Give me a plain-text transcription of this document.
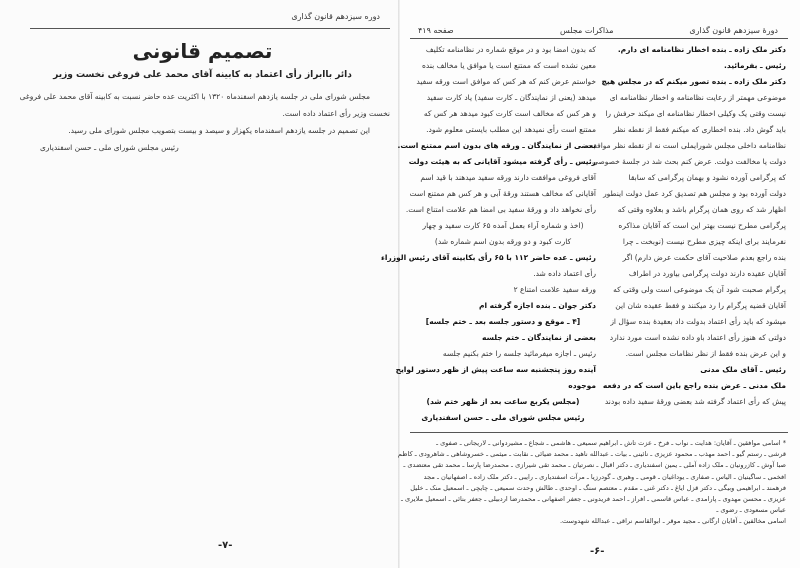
دوره سیزدهم قانون گذاری
تصمیم قانونی
دائر باابراز رأی اعتماد به کابینه آقای محمد علی فروغی نخست وزیر

مجلس شورای ملی در جلسه یازدهم اسفندماه ۱۳۲۰ با اکثریت عده حاضر نسبت به کابینه آقای محمد علی فروغی نخست وزیر رأی اعتماد داده است.

این تصمیم در جلسه یازدهم اسفندماه یکهزار و سیصد و بیست بتصویب مجلس شورای ملی رسید.

رئیس مجلس شورای ملی ـ حسن اسفندیاری

-۷-
صفحه ۴۱۹	مذاکرات مجلس	دورهٔ سیزدهم قانون گذاری
دکتر ملک زاده ـ بنده اخطار نظامنامه ای دارم.
رئیس ـ بفرمائید.
دکتر ملک زاده ـ بنده تصور میکنم که در مجلس هیچ
موضوعی مهمتر از رعایت نظامنامه و اخطار نظامنامه ای
نیست وقتی یک وکیلی اخطار نظامنامه ای میکند حرفش را
باید گوش داد. بنده اخطاری که میکنم فقط از نقطه نظر
نظامنامه داخلی مجلس شورایملی است نه از نقطه نظر موافقت
دولت یا مخالفت دولت. عرض کنم بحث شد در جلسهٔ خصوصی
که پرگرامی آورده نشود و بهمان پرگرامی که سابقا
دولت آورده بود و مجلس هم تصدیق کرد عمل دولت اینطور
اظهار شد که روی همان پرگرام باشد و بعلاوه وقتی که
پرگرامی مطرح نیست بهتر این است که آقایان مذاکره
نفرمایند برای اینکه چیزی مطرح نیست (نوبخت ـ چرا
بنده راجع بعدم صلاحیت آقای حکمت عرض دارم) اگر
آقایان عقیده دارند دولت پرگرامی بیاورد در اطراف
پرگرام صحبت شود آن یک موضوعی است ولی وقتی که
آقایان قضیه پرگرام را رد میکنند و فقط عقیده شان این
میشود که باید رأی اعتماد بدولت داد بعقیدهٔ بنده سؤال از
دولتی که هنوز رأی اعتماد باو داده نشده است مورد ندارد
و این عرض بنده فقط از نظر نظامات مجلس است.
رئیس ـ آقای ملک مدنی
ملک مدنی ـ عرض بنده راجع باین است که در دفعه
پیش که رأی اعتماد گرفته شد بعضی ورقهٔ سفید داده بودند
که بدون امضا بود و در موقع شماره در نظامنامه تکلیف
معین نشده است که ممتنع است یا موافق یا مخالف بنده
خواستم عرض کنم که هر کس که موافق است ورقه سفید
میدهد (یعنی از نمایندگان ـ کارت سفید) یاد کارت سفید
و هر کس که مخالف است کارت کبود میدهد هر کس که
ممتنع است رأی نمیدهد این مطلب بایستی معلوم شود.
بعضی از نمایندگان ـ ورقه های بدون اسم ممتنع است.
رئیس ـ رأی گرفته میشود آقایانی که به هیئت دولت
آقای فروغی موافقت دارند ورقه سفید میدهند با قید اسم
آقایانی که مخالف هستند ورقهٔ آبی و هر کس هم ممتنع است
رأی نخواهد داد و ورقهٔ سفید بی امضا هم علامت امتناع است.
(اخذ و شماره آراء بعمل آمده ۶۵ کارت سفید و چهار
کارت کبود و دو ورقه بدون اسم شماره شد)
رئیس ـ عده حاضر ۱۱۲ با ۶۵ رأی بکابینه آقای رئیس الوزراء
رأی اعتماد داده شد.
ورقه سفید علامت امتناع ۲
دکتر جوان ـ بنده اجازه گرفته ام
[۴ ـ موقع و دستور جلسه بعد ـ ختم جلسه]
بعضی از نمایندگان ـ ختم جلسه
رئیس ـ اجازه میفرمائید جلسه را ختم بکنیم جلسه
آینده روز پنجشنبه سه ساعت پیش از ظهر دستور لوایح
موجوده
(مجلس یکربع ساعت بعد از ظهر ختم شد)
رئیس مجلس شورای ملی ـ حسن اسفندیاری
* اسامی موافقین ـ آقایان: هدایت ـ نواب ـ فرخ ـ عزت تاش ـ ابراهیم سمیعی ـ هاشمی ـ شجاع ـ مشیردوانی ـ لاریجانی ـ صفوی ـ
قرشی ـ رستم گیو ـ احمد مهذب ـ محمود عزیزی ـ نائینی ـ بیات ـ عبدالله ناهید ـ محمد ضیائی ـ نقابت ـ میثمی ـ خسروشاهی ـ شاهرودی ـ کاظم
صبا آوش ـ کازرونیان ـ ملک زاده آملی ـ یمین اسفندیاری ـ دکتر اقبال ـ نصرتیان ـ محمد تقی شیرازی ـ محمدرضا پارسا ـ محمد تقی معتضدی ـ
افخمی ـ ساگینیان ـ الیاس ـ صفاری ـ یوداغیان ـ قومی ـ وهیری ـ گودرزیا ـ مرآت اسفندیاری ـ رایبی ـ دکتر ملک زاده ـ اصفهانیان ـ مجد
فرهمند ـ ابراهیمی وبیگی ـ دکتر قزل ایاغ ـ دکتر غنی ـ مقدم ـ معتصم سنگ ـ اوحدی ـ طالش وحدت سمیعی ـ چایچی ـ اسمعیل منک ـ خلیل
عزیزی ـ محسن مهدوی ـ پارامدی ـ عباس قاسمی ـ افراز ـ احمد فریدونی ـ جعفر اصفهانی ـ محمدرضا اردبیلی ـ جعفر بنائی ـ اسمعیل ملایری ـ
عباس مسعودی ـ رضوی ـ
اسامی مخالفین ـ آقایان ارگانی ـ مجید موقر ـ ابوالقاسم نراقی ـ عبدالله شهدوست.
-۶-
